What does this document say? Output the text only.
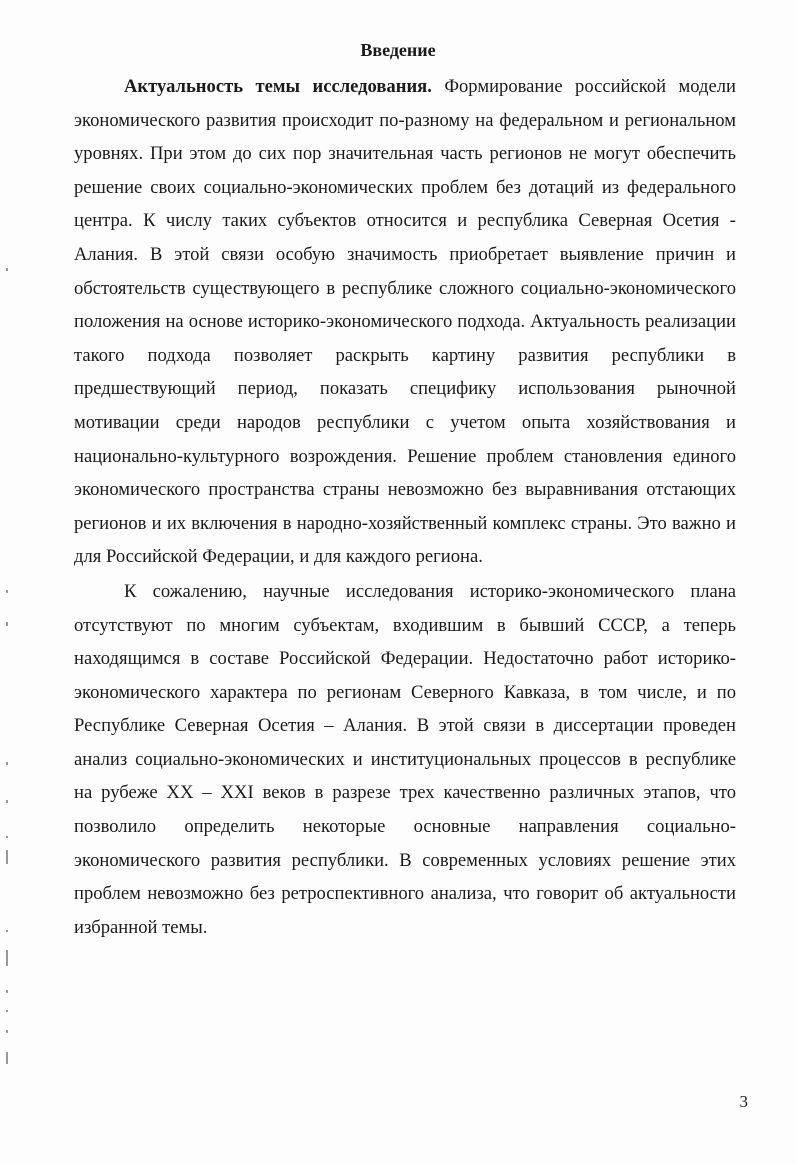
Введение

Актуальность темы исследования. Формирование российской модели экономического развития происходит по-разному на федеральном и региональном уровнях. При этом до сих пор значительная часть регионов не могут обеспечить решение своих социально-экономических проблем без дотаций из федерального центра. К числу таких субъектов относится и республика Северная Осетия - Алания. В этой связи особую значимость приобретает выявление причин и обстоятельств существующего в республике сложного социально-экономического положения на основе историко-экономического подхода. Актуальность реализации такого подхода позволяет раскрыть картину развития республики в предшествующий период, показать специфику использования рыночной мотивации среди народов республики с учетом опыта хозяйствования и национально-культурного возрождения. Решение проблем становления единого экономического пространства страны невозможно без выравнивания отстающих регионов и их включения в народно-хозяйственный комплекс страны. Это важно и для Российской Федерации, и для каждого региона.

К сожалению, научные исследования историко-экономического плана отсутствуют по многим субъектам, входившим в бывший СССР, а теперь находящимся в составе Российской Федерации. Недостаточно работ историко-экономического характера по регионам Северного Кавказа, в том числе, и по Республике Северная Осетия – Алания. В этой связи в диссертации проведен анализ социально-экономических и институциональных процессов в республике на рубеже XX – XXI веков в разрезе трех качественно различных этапов, что позволило определить некоторые основные направления социально-экономического развития республики. В современных условиях решение этих проблем невозможно без ретроспективного анализа, что говорит об актуальности избранной темы.

3
